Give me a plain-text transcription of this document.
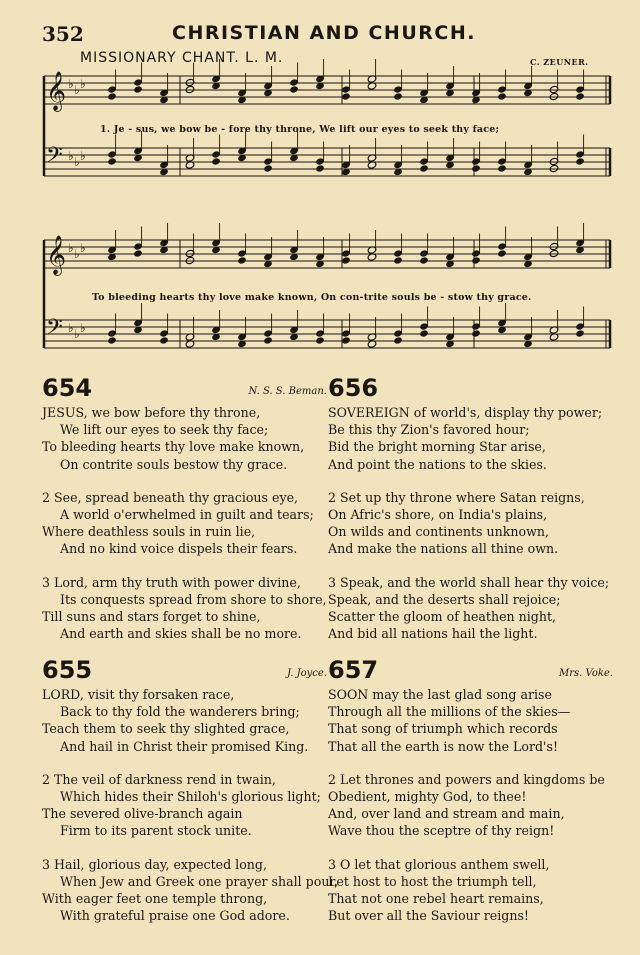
352	CHRISTIAN AND CHURCH.
MISSIONARY CHANT. L. M.	C. ZEUNER.
𝄞 ♭ ♭ ♭
𝄢 ♭ ♭ ♭
𝄞 ♭ ♭ ♭
𝄢 ♭ ♭ ♭
1. Je - sus, we bow be - fore thy throne, We lift our eyes to seek thy face;
To bleeding hearts thy love make known, On con-trite souls be - stow thy grace.
654	N. S. S. Beman.
JESUS, we bow before thy throne,
We lift our eyes to seek thy face;
To bleeding hearts thy love make known,
On contrite souls bestow thy grace.
2 See, spread beneath thy gracious eye,
A world o'erwhelmed in guilt and tears;
Where deathless souls in ruin lie,
And no kind voice dispels their fears.
3 Lord, arm thy truth with power divine,
Its conquests spread from shore to shore,
Till suns and stars forget to shine,
And earth and skies shall be no more.
655	J. Joyce.
LORD, visit thy forsaken race,
Back to thy fold the wanderers bring;
Teach them to seek thy slighted grace,
And hail in Christ their promised King.
2 The veil of darkness rend in twain,
Which hides their Shiloh's glorious light;
The severed olive-branch again
Firm to its parent stock unite.
3 Hail, glorious day, expected long,
When Jew and Greek one prayer shall pour,
With eager feet one temple throng,
With grateful praise one God adore.
656
SOVEREIGN of world's, display thy power;
Be this thy Zion's favored hour;
Bid the bright morning Star arise,
And point the nations to the skies.
2 Set up thy throne where Satan reigns,
On Afric's shore, on India's plains,
On wilds and continents unknown,
And make the nations all thine own.
3 Speak, and the world shall hear thy voice;
Speak, and the deserts shall rejoice;
Scatter the gloom of heathen night,
And bid all nations hail the light.
657	Mrs. Voke.
SOON may the last glad song arise
Through all the millions of the skies—
That song of triumph which records
That all the earth is now the Lord's!
2 Let thrones and powers and kingdoms be
Obedient, mighty God, to thee!
And, over land and stream and main,
Wave thou the sceptre of thy reign!
3 O let that glorious anthem swell,
Let host to host the triumph tell,
That not one rebel heart remains,
But over all the Saviour reigns!
